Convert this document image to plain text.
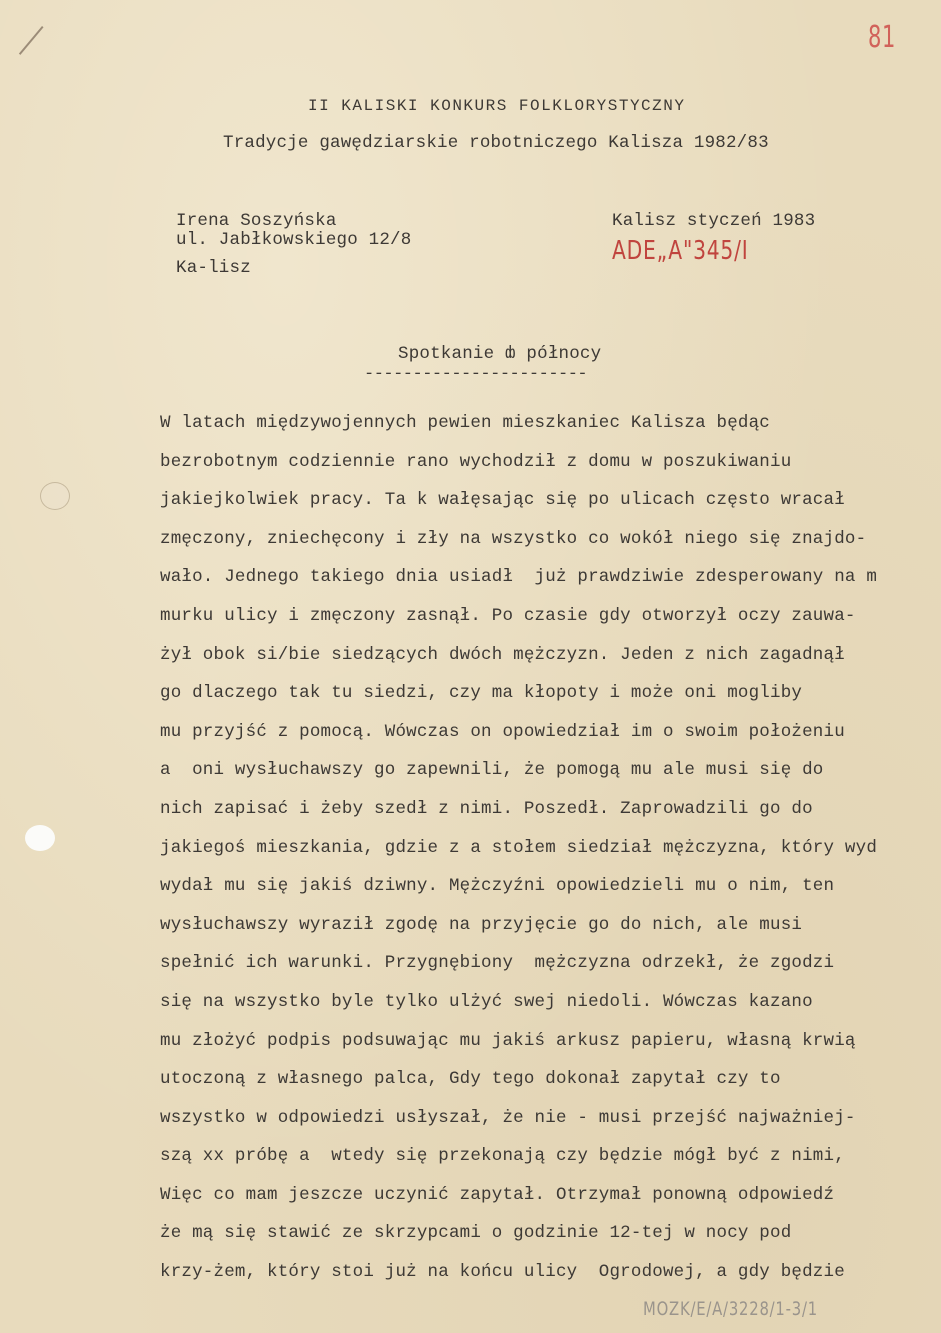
81
II KALISKI KONKURS FOLKLORYSTYCZNY
Tradycje gawędziarskie robotniczego Kalisza 1982/83
Irena Soszyńska
ul. Jabłkowskiego 12/8
Ka-lisz
Kalisz styczeń 1983
ADE„A"345/I
Spotkanie ȸ północy
-----------------------
W latach międzywojennych pewien mieszkaniec Kalisza będąc
bezrobotnym codziennie rano wychodził z domu w poszukiwaniu
jakiejkolwiek pracy. Ta k wałęsając się po ulicach często wracał
zmęczony, zniechęcony i zły na wszystko co wokół niego się znajdo-
wało. Jednego takiego dnia usiadł  już prawdziwie zdesperowany na m
murku ulicy i zmęczony zasnął. Po czasie gdy otworzył oczy zauwa-
żył obok si/bie siedzących dwóch mężczyzn. Jeden z nich zagadnął
go dlaczego tak tu siedzi, czy ma kłopoty i może oni mogliby
mu przyjść z pomocą. Wówczas on opowiedział im o swoim położeniu
a  oni wysłuchawszy go zapewnili, że pomogą mu ale musi się do
nich zapisać i żeby szedł z nimi. Poszedł. Zaprowadzili go do
jakiegoś mieszkania, gdzie z a stołem siedział mężczyzna, który wyd
wydał mu się jakiś dziwny. Mężczyźni opowiedzieli mu o nim, ten
wysłuchawszy wyraził zgodę na przyjęcie go do nich, ale musi
spełnić ich warunki. Przygnębiony  mężczyzna odrzekł, że zgodzi
się na wszystko byle tylko ulżyć swej niedoli. Wówczas kazano
mu złożyć podpis podsuwając mu jakiś arkusz papieru, własną krwią
utoczoną z własnego palca, Gdy tego dokonał zapytał czy to
wszystko w odpowiedzi usłyszał, że nie - musi przejść najważniej-
szą xx próbę a  wtedy się przekonają czy będzie mógł być z nimi,
Więc co mam jeszcze uczynić zapytał. Otrzymał ponowną odpowiedź
że mą się stawić ze skrzypcami o godzinie 12-tej w nocy pod
krzy-żem, który stoi już na końcu ulicy  Ogrodowej, a gdy będzie
MOZK/E/A/3228/1-3/1
